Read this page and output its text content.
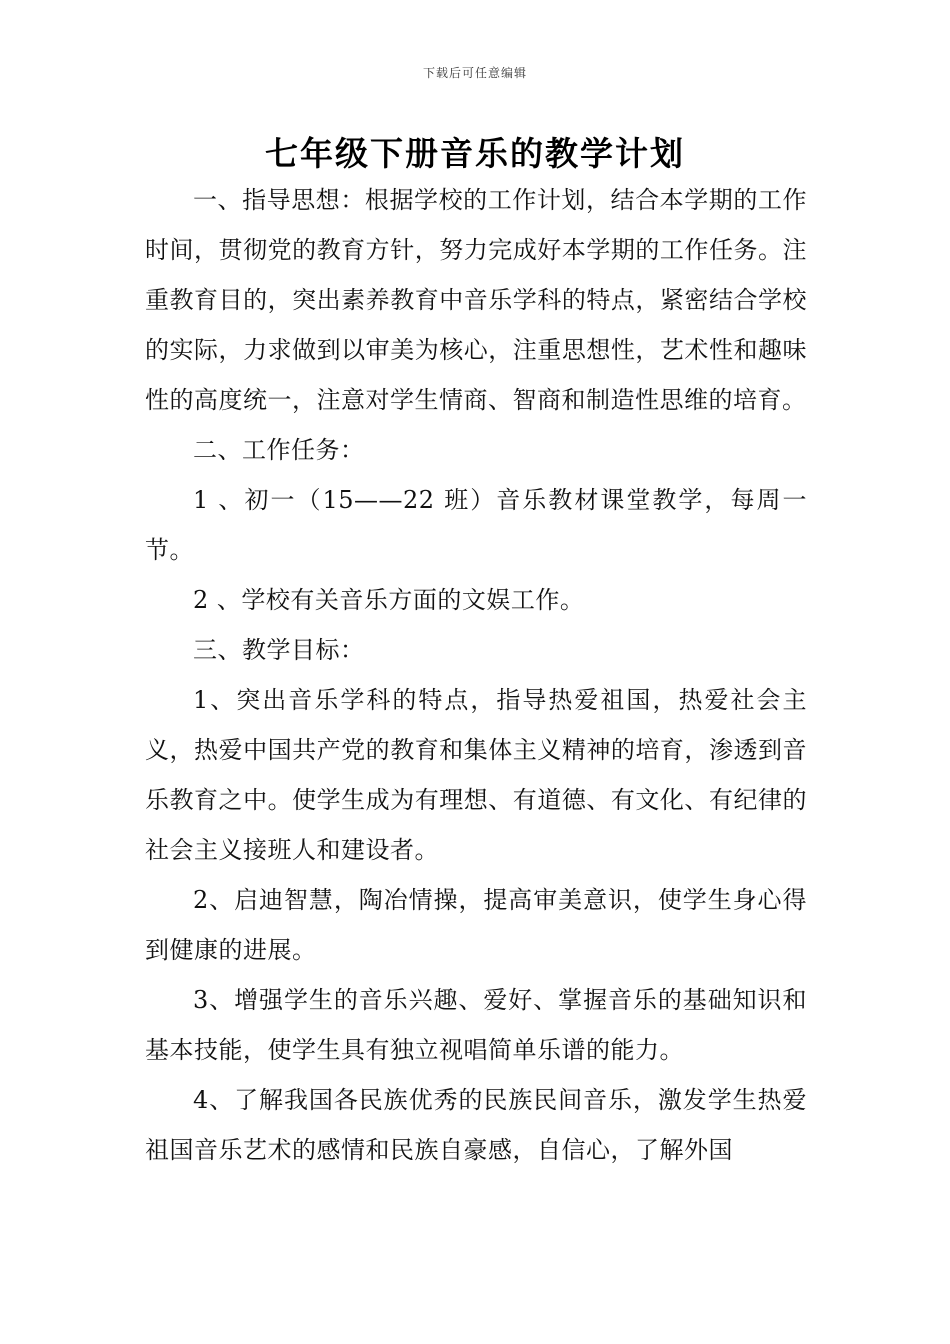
下载后可任意编辑
七年级下册音乐的教学计划

一、指导思想：根据学校的工作计划，结合本学期的工作时间，贯彻党的教育方针，努力完成好本学期的工作任务。注重教育目的，突出素养教育中音乐学科的特点，紧密结合学校的实际，力求做到以审美为核心，注重思想性，艺术性和趣味性的高度统一，注意对学生情商、智商和制造性思维的培育。

二、工作任务：

1 、初一（15——22 班）音乐教材课堂教学，每周一节。

2 、学校有关音乐方面的文娱工作。

三、教学目标：

1、突出音乐学科的特点，指导热爱祖国，热爱社会主义，热爱中国共产党的教育和集体主义精神的培育，渗透到音乐教育之中。使学生成为有理想、有道德、有文化、有纪律的社会主义接班人和建设者。

2、启迪智慧，陶冶情操，提高审美意识，使学生身心得到健康的进展。

3、增强学生的音乐兴趣、爱好、掌握音乐的基础知识和基本技能，使学生具有独立视唱简单乐谱的能力。

4、了解我国各民族优秀的民族民间音乐，激发学生热爱祖国音乐艺术的感情和民族自豪感，自信心，了解外国
